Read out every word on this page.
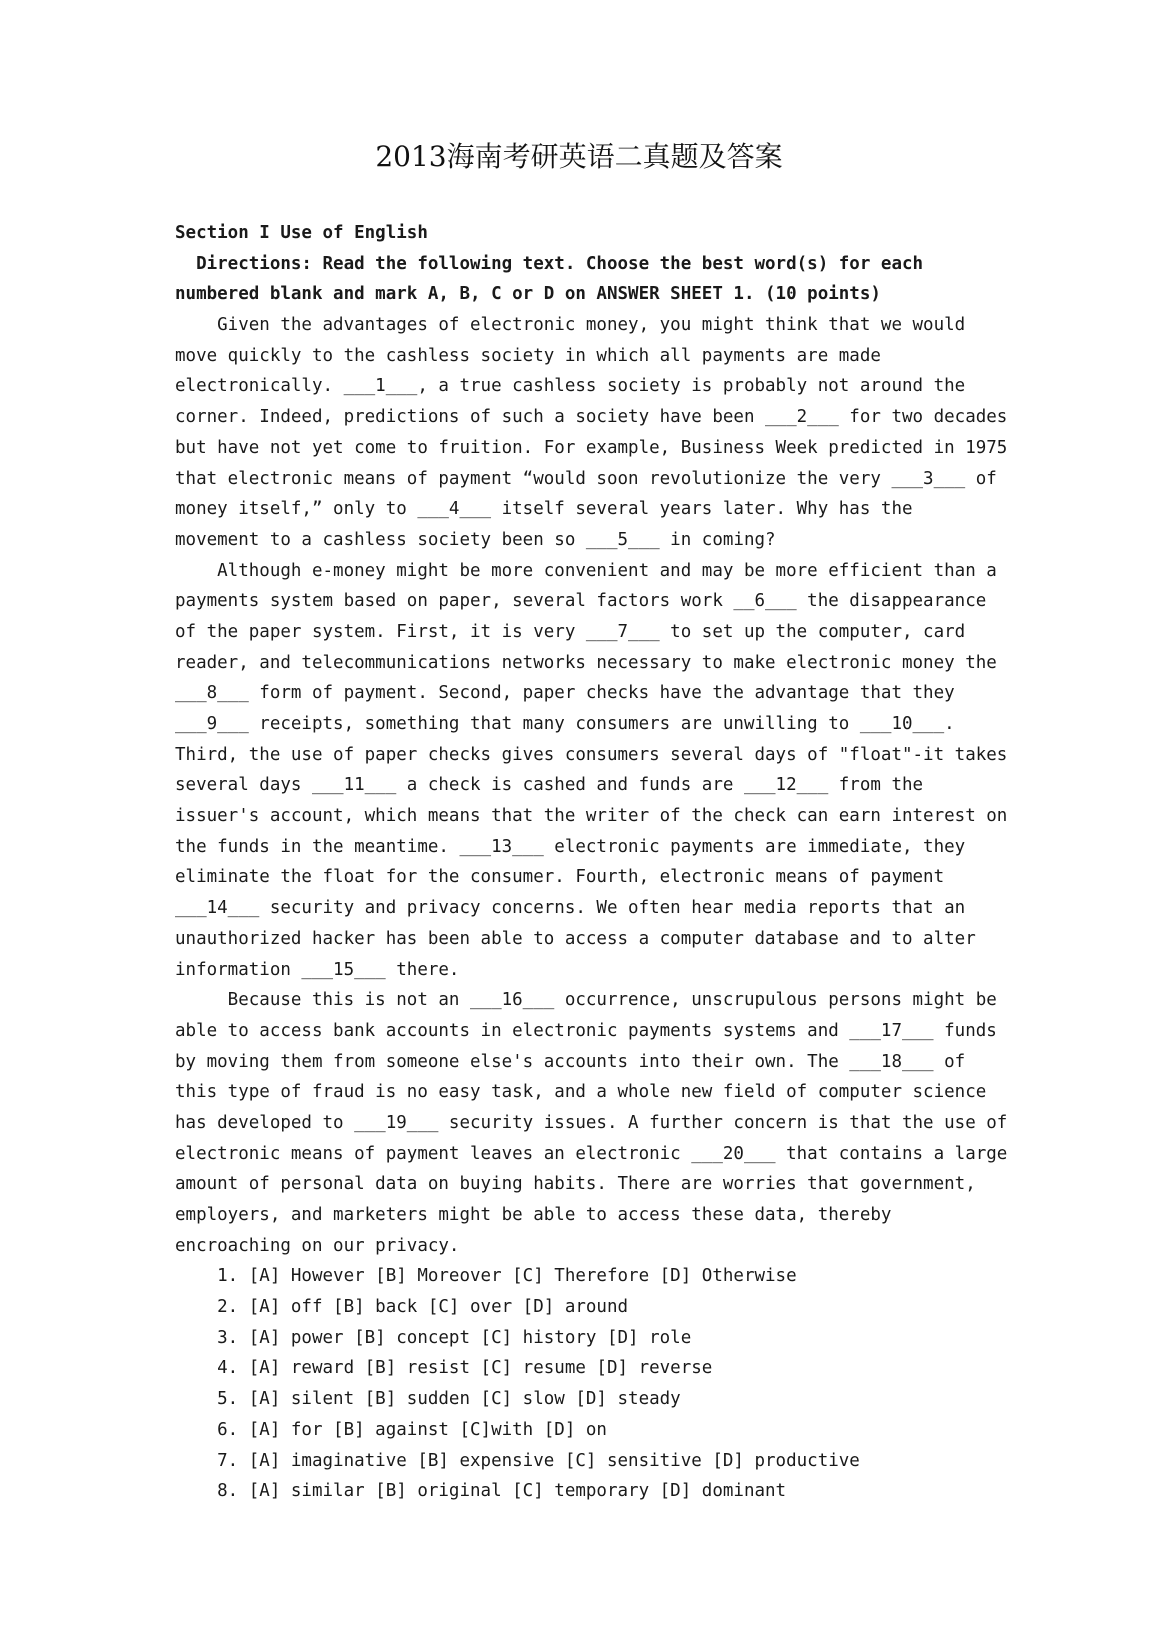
2013海南考研英语二真题及答案
Section I Use of English
Directions: Read the following text. Choose the best word(s) for each
numbered blank and mark A, B, C or D on ANSWER SHEET 1. (10 points)
Given the advantages of electronic money, you might think that we would
move quickly to the cashless society in which all payments are made
electronically. ___1___, a true cashless society is probably not around the
corner. Indeed, predictions of such a society have been ___2___ for two decades
but have not yet come to fruition. For example, Business Week predicted in 1975
that electronic means of payment “would soon revolutionize the very ___3___ of
money itself,” only to ___4___ itself several years later. Why has the
movement to a cashless society been so ___5___ in coming?
Although e-money might be more convenient and may be more efficient than a
payments system based on paper, several factors work __6___ the disappearance
of the paper system. First, it is very ___7___ to set up the computer, card
reader, and telecommunications networks necessary to make electronic money the
___8___ form of payment. Second, paper checks have the advantage that they
___9___ receipts, something that many consumers are unwilling to ___10___.
Third, the use of paper checks gives consumers several days of "float"-it takes
several days ___11___ a check is cashed and funds are ___12___ from the
issuer's account, which means that the writer of the check can earn interest on
the funds in the meantime. ___13___ electronic payments are immediate, they
eliminate the float for the consumer. Fourth, electronic means of payment
___14___ security and privacy concerns. We often hear media reports that an
unauthorized hacker has been able to access a computer database and to alter
information ___15___ there.
Because this is not an ___16___ occurrence, unscrupulous persons might be
able to access bank accounts in electronic payments systems and ___17___ funds
by moving them from someone else's accounts into their own. The ___18___ of
this type of fraud is no easy task, and a whole new field of computer science
has developed to ___19___ security issues. A further concern is that the use of
electronic means of payment leaves an electronic ___20___ that contains a large
amount of personal data on buying habits. There are worries that government,
employers, and marketers might be able to access these data, thereby
encroaching on our privacy.
1. [A] However [B] Moreover [C] Therefore [D] Otherwise
2. [A] off [B] back [C] over [D] around
3. [A] power [B] concept [C] history [D] role
4. [A] reward [B] resist [C] resume [D] reverse
5. [A] silent [B] sudden [C] slow [D] steady
6. [A] for [B] against [C]with [D] on
7. [A] imaginative [B] expensive [C] sensitive [D] productive
8. [A] similar [B] original [C] temporary [D] dominant
